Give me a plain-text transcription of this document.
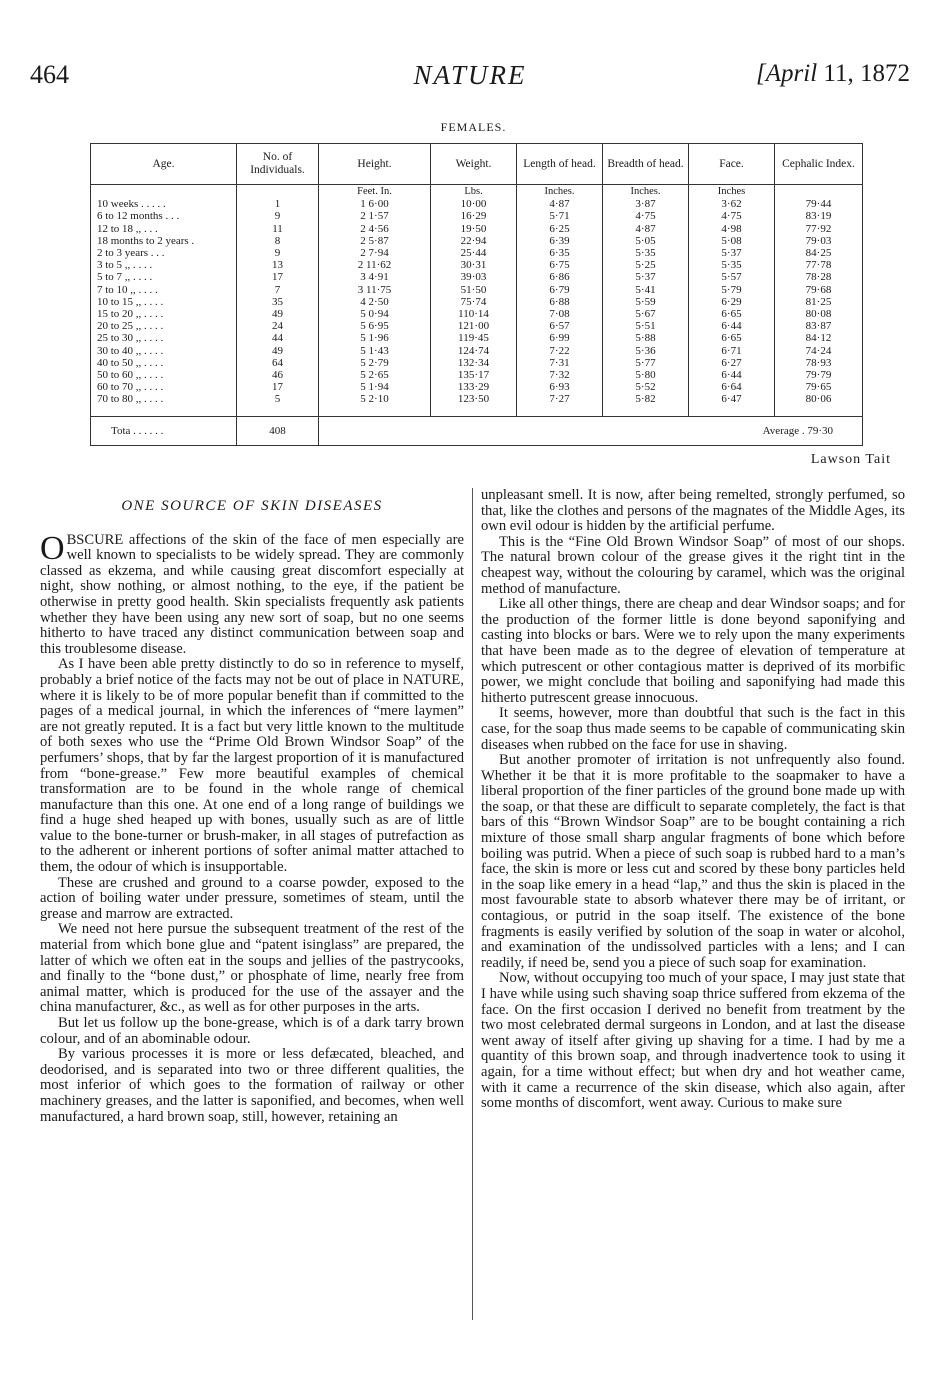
464	NATURE	[April 11, 1872
FEMALES.
Age.	No. of Individuals.	Height.	Weight.	Length of head.	Breadth of head.	Face.	Cephalic Index.
		Feet. In.	Lbs.	Inches.	Inches.	Inches	
10 weeks . . . . .	1	1 6·00	10·00	4·87	3·87	3·62	79·44
6 to 12 months . . .	9	2 1·57	16·29	5·71	4·75	4·75	83·19
12 to 18 ,, . . .	11	2 4·56	19·50	6·25	4·87	4·98	77·92
18 months to 2 years .	8	2 5·87	22·94	6·39	5·05	5·08	79·03
2 to 3 years . . .	9	2 7·94	25·44	6·35	5·35	5·37	84·25
3 to 5 ,, . . . .	13	2 11·62	30·31	6·75	5·25	5·35	77·78
5 to 7 ,, . . . .	17	3 4·91	39·03	6·86	5·37	5·57	78·28
7 to 10 ,, . . . .	7	3 11·75	51·50	6·79	5·41	5·79	79·68
10 to 15 ,, . . . .	35	4 2·50	75·74	6·88	5·59	6·29	81·25
15 to 20 ,, . . . .	49	5 0·94	110·14	7·08	5·67	6·65	80·08
20 to 25 ,, . . . .	24	5 6·95	121·00	6·57	5·51	6·44	83·87
25 to 30 ,, . . . .	44	5 1·96	119·45	6·99	5·88	6·65	84·12
30 to 40 ,, . . . .	49	5 1·43	124·74	7·22	5·36	6·71	74·24
40 to 50 ,, . . . .	64	5 2·79	132·34	7·31	5·77	6·27	78·93
50 to 60 ,, . . . .	46	5 2·65	135·17	7·32	5·80	6·44	79·79
60 to 70 ,, . . . .	17	5 1·94	133·29	6·93	5·52	6·64	79·65
70 to 80 ,, . . . .	5	5 2·10	123·50	7·27	5·82	6·47	80·06
Tota . . . . . .	408	Average . 79·30					
Lawson Tait
ONE SOURCE OF SKIN DISEASES

OBSCURE affections of the skin of the face of men especially are well known to specialists to be widely spread. They are commonly classed as ekzema, and while causing great discomfort especially at night, show nothing, or almost nothing, to the eye, if the patient be otherwise in pretty good health. Skin specialists frequently ask patients whether they have been using any new sort of soap, but no one seems hitherto to have traced any distinct communication between soap and this troublesome disease.

As I have been able pretty distinctly to do so in reference to myself, probably a brief notice of the facts may not be out of place in NATURE, where it is likely to be of more popular benefit than if committed to the pages of a medical journal, in which the inferences of “mere laymen” are not greatly reputed. It is a fact but very little known to the multitude of both sexes who use the “Prime Old Brown Windsor Soap” of the perfumers’ shops, that by far the largest proportion of it is manufactured from “bone-grease.” Few more beautiful examples of chemical transformation are to be found in the whole range of chemical manufacture than this one. At one end of a long range of buildings we find a huge shed heaped up with bones, usually such as are of little value to the bone-turner or brush-maker, in all stages of putrefaction as to the adherent or inherent portions of softer animal matter attached to them, the odour of which is insupportable.

These are crushed and ground to a coarse powder, exposed to the action of boiling water under pressure, sometimes of steam, until the grease and marrow are extracted.

We need not here pursue the subsequent treatment of the rest of the material from which bone glue and “patent isinglass” are prepared, the latter of which we often eat in the soups and jellies of the pastrycooks, and finally to the “bone dust,” or phosphate of lime, nearly free from animal matter, which is produced for the use of the assayer and the china manufacturer, &c., as well as for other purposes in the arts.

But let us follow up the bone-grease, which is of a dark tarry brown colour, and of an abominable odour.

By various processes it is more or less defæcated, bleached, and deodorised, and is separated into two or three different qualities, the most inferior of which goes to the formation of railway or other machinery greases, and the latter is saponified, and becomes, when well manufactured, a hard brown soap, still, however, retaining an

unpleasant smell. It is now, after being remelted, strongly perfumed, so that, like the clothes and persons of the magnates of the Middle Ages, its own evil odour is hidden by the artificial perfume.

This is the “Fine Old Brown Windsor Soap” of most of our shops. The natural brown colour of the grease gives it the right tint in the cheapest way, without the colouring by caramel, which was the original method of manufacture.

Like all other things, there are cheap and dear Windsor soaps; and for the production of the former little is done beyond saponifying and casting into blocks or bars. Were we to rely upon the many experiments that have been made as to the degree of elevation of temperature at which putrescent or other contagious matter is deprived of its morbific power, we might conclude that boiling and saponifying had made this hitherto putrescent grease innocuous.

It seems, however, more than doubtful that such is the fact in this case, for the soap thus made seems to be capable of communicating skin diseases when rubbed on the face for use in shaving.

But another promoter of irritation is not unfrequently also found. Whether it be that it is more profitable to the soapmaker to have a liberal proportion of the finer particles of the ground bone made up with the soap, or that these are difficult to separate completely, the fact is that bars of this “Brown Windsor Soap” are to be bought containing a rich mixture of those small sharp angular fragments of bone which before boiling was putrid. When a piece of such soap is rubbed hard to a man’s face, the skin is more or less cut and scored by these bony particles held in the soap like emery in a head “lap,” and thus the skin is placed in the most favourable state to absorb whatever there may be of irritant, or contagious, or putrid in the soap itself. The existence of the bone fragments is easily verified by solution of the soap in water or alcohol, and examination of the undissolved particles with a lens; and I can readily, if need be, send you a piece of such soap for examination.

Now, without occupying too much of your space, I may just state that I have while using such shaving soap thrice suffered from ekzema of the face. On the first occasion I derived no benefit from treatment by the two most celebrated dermal surgeons in London, and at last the disease went away of itself after giving up shaving for a time. I had by me a quantity of this brown soap, and through inadvertence took to using it again, for a time without effect; but when dry and hot weather came, with it came a recurrence of the skin disease, which also again, after some months of discomfort, went away. Curious to make sure
